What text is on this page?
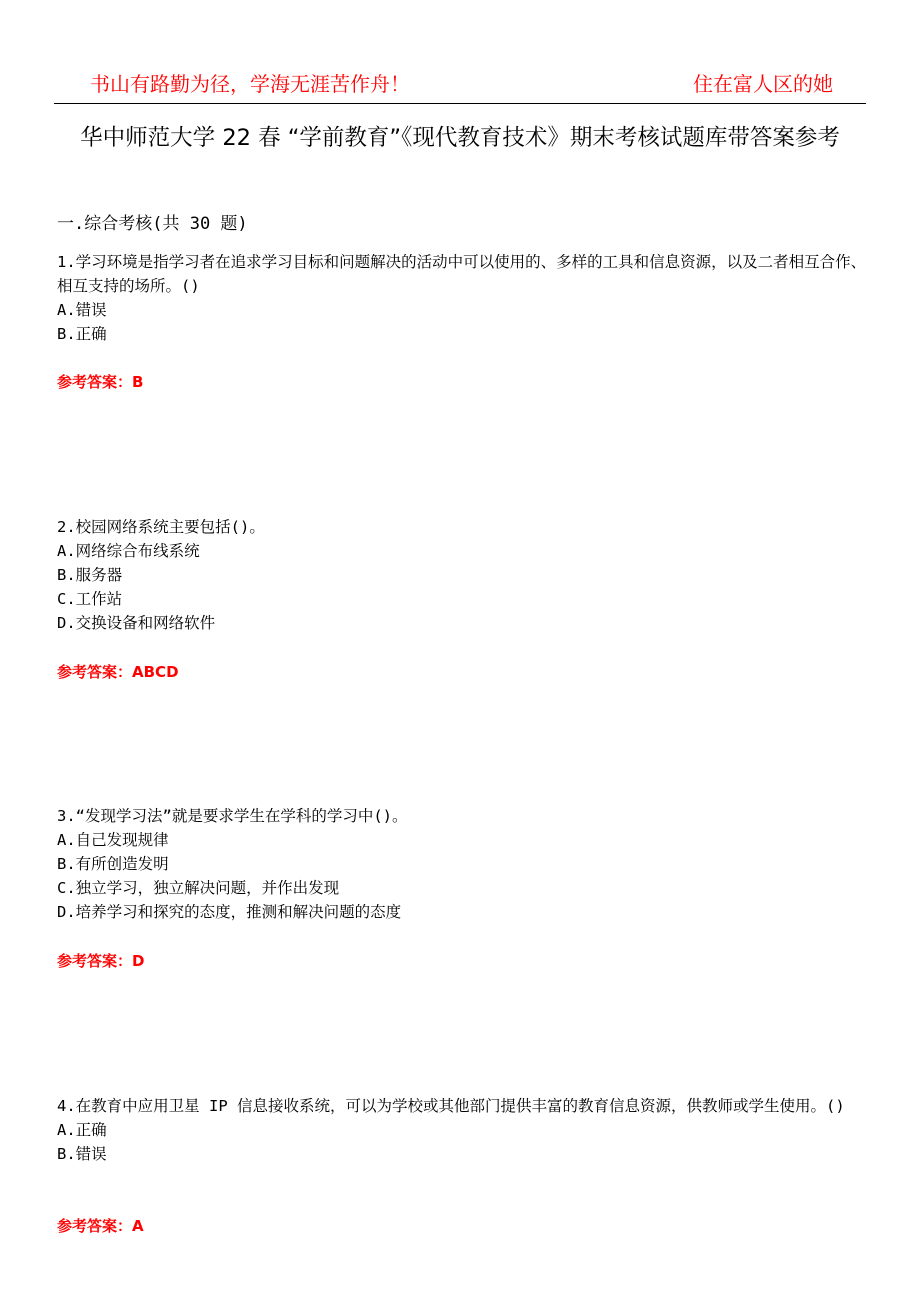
书山有路勤为径，学海无涯苦作舟！	住在富人区的她
华中师范大学 22 春 “学前教育”《现代教育技术》期末考核试题库带答案参考
一.综合考核(共 30 题)

1.学习环境是指学习者在追求学习目标和问题解决的活动中可以使用的、多样的工具和信息资源，以及二者相互合作、相互支持的场所。()

A.错误

B.正确

参考答案：B

2.校园网络系统主要包括()。

A.网络综合布线系统

B.服务器

C.工作站

D.交换设备和网络软件

参考答案：ABCD

3.“发现学习法”就是要求学生在学科的学习中()。

A.自己发现规律

B.有所创造发明

C.独立学习，独立解决问题，并作出发现

D.培养学习和探究的态度，推测和解决问题的态度

参考答案：D

4.在教育中应用卫星 IP 信息接收系统，可以为学校或其他部门提供丰富的教育信息资源，供教师或学生使用。()

A.正确

B.错误

参考答案：A
